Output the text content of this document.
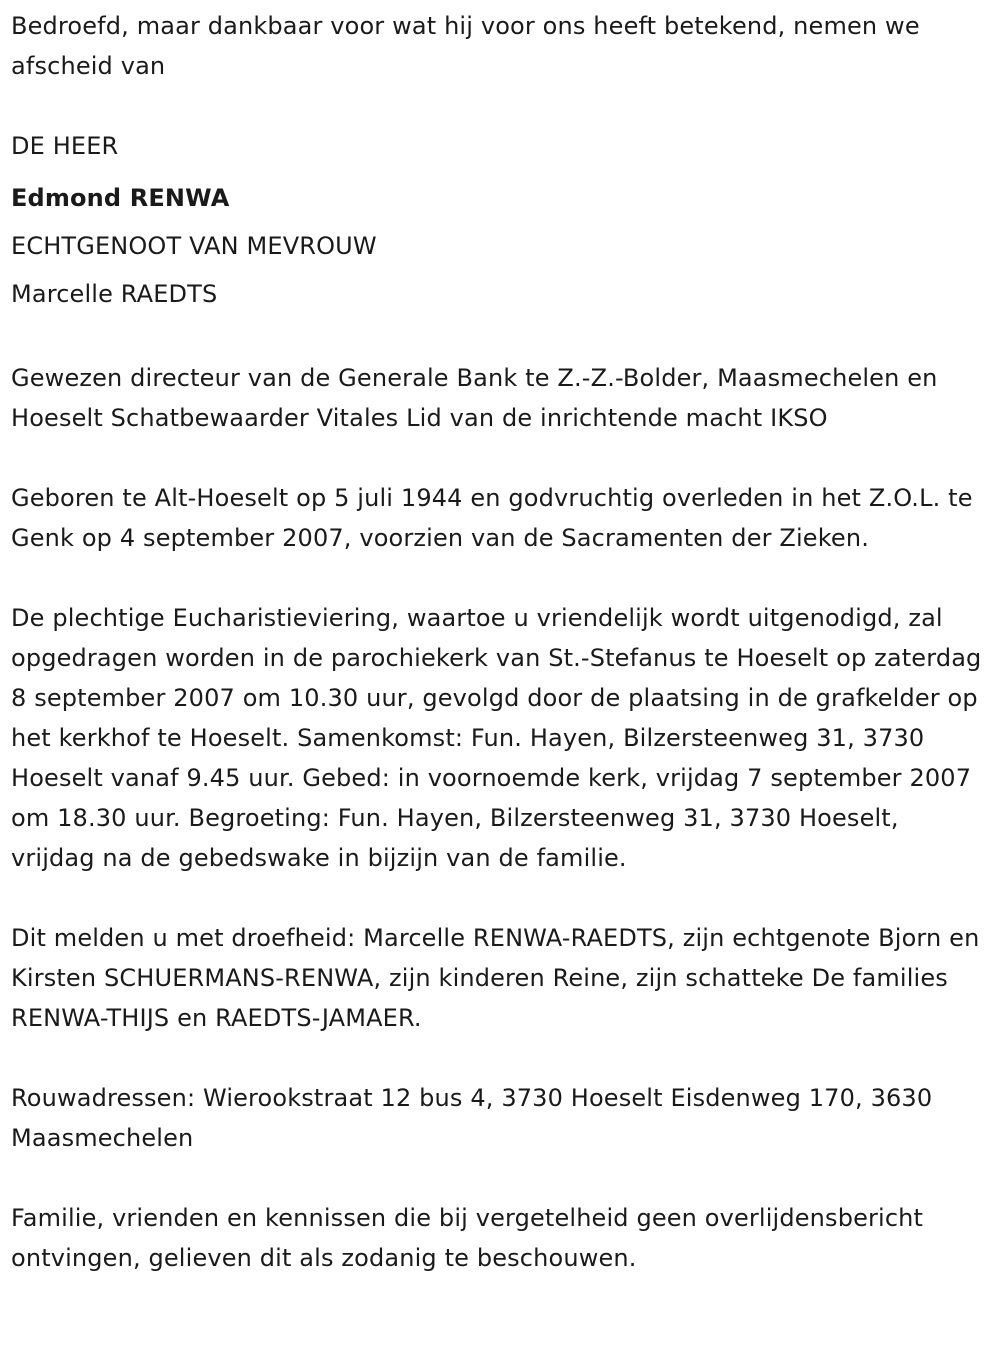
Bedroefd, maar dankbaar voor wat hij voor ons heeft betekend, nemen we afscheid van

DE HEER
Edmond RENWA
ECHTGENOOT VAN MEVROUW
Marcelle RAEDTS

Gewezen directeur van de Generale Bank te Z.-Z.-Bolder, Maasmechelen en Hoeselt Schatbewaarder Vitales Lid van de inrichtende macht IKSO

Geboren te Alt-Hoeselt op 5 juli 1944 en godvruchtig overleden in het Z.O.L. te Genk op 4 september 2007, voorzien van de Sacramenten der Zieken.

De plechtige Eucharistieviering, waartoe u vriendelijk wordt uitgenodigd, zal opgedragen worden in de parochiekerk van St.-Stefanus te Hoeselt op zaterdag 8 september 2007 om 10.30 uur, gevolgd door de plaatsing in de grafkelder op het kerkhof te Hoeselt. Samenkomst: Fun. Hayen, Bilzersteenweg 31, 3730 Hoeselt vanaf 9.45 uur. Gebed: in voornoemde kerk, vrijdag 7 september 2007 om 18.30 uur. Begroeting: Fun. Hayen, Bilzersteenweg 31, 3730 Hoeselt, vrijdag na de gebedswake in bijzijn van de familie.

Dit melden u met droefheid: Marcelle RENWA-RAEDTS, zijn echtgenote Bjorn en Kirsten SCHUERMANS-RENWA, zijn kinderen Reine, zijn schatteke De families RENWA-THIJS en RAEDTS-JAMAER.

Rouwadressen: Wierookstraat 12 bus 4, 3730 Hoeselt Eisdenweg 170, 3630 Maasmechelen

Familie, vrienden en kennissen die bij vergetelheid geen overlijdensbericht ontvingen, gelieven dit als zodanig te beschouwen.
